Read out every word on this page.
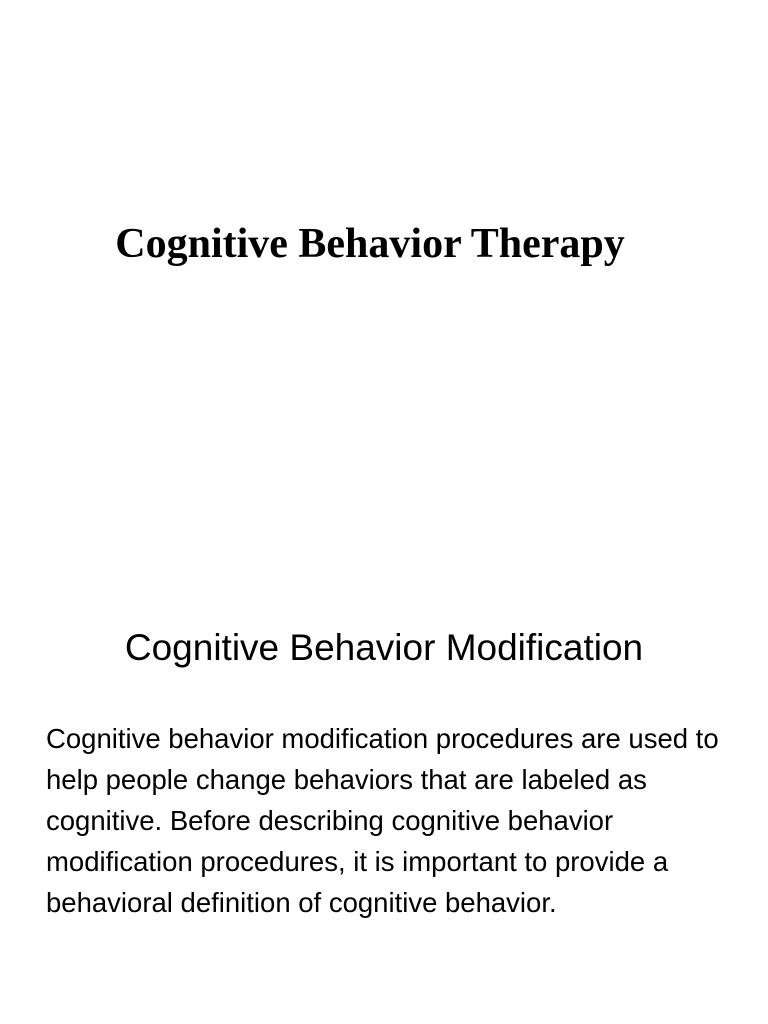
Cognitive Behavior Therapy
Cognitive Behavior Modification

Cognitive behavior modification procedures are used to help people change behaviors that are labeled as cognitive. Before describing cognitive behavior modification procedures, it is important to provide a behavioral definition of cognitive behavior.
